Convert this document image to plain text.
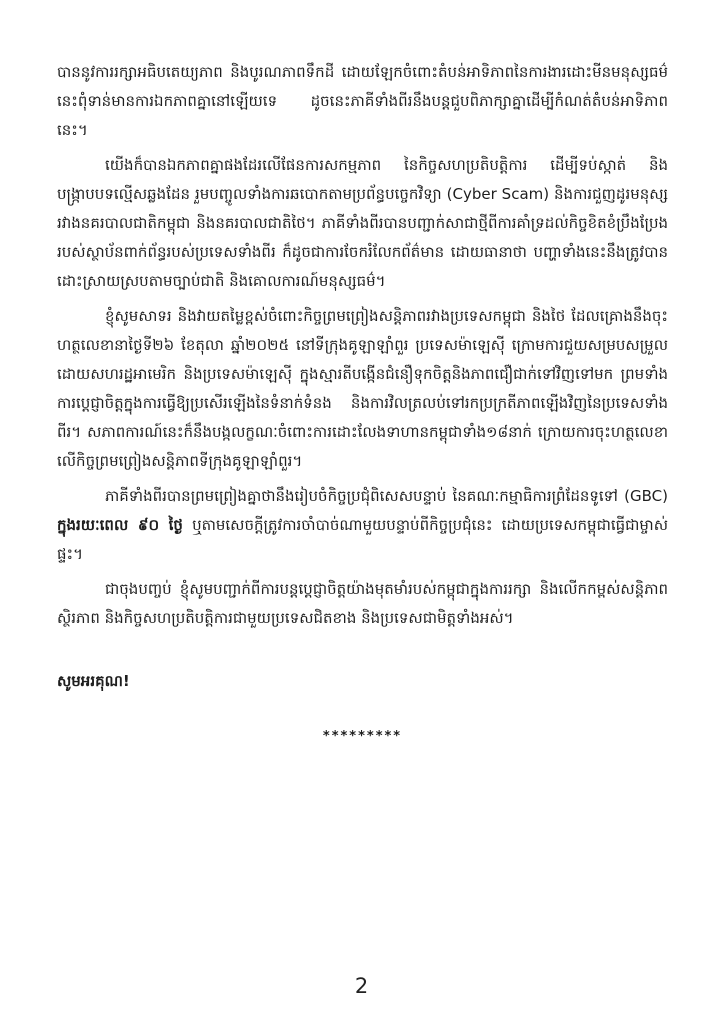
បាននូវការរក្សាអធិបតេយ្យភាព និងបូរណភាពទឹកដី ដោយឡែកចំពោះតំបន់អាទិភាពនៃការងារដោះមីនមនុស្សធម៌ នេះពុំទាន់មានការឯកភាពគ្នានៅឡើយទេ ដូចនេះភាគីទាំងពីរនឹងបន្តជួបពិភាក្សាគ្នាដើម្បីកំណត់តំបន់អាទិភាពនេះ។

យើងក៏បានឯកភាពគ្នាផងដែរលើផែនការសកម្មភាព នៃកិច្ចសហប្រតិបត្តិការ ដើម្បីទប់ស្កាត់ និងបង្ក្រាបបទល្មើសឆ្លងដែន រួមបញ្ចូលទាំងការឆបោកតាមប្រព័ន្ធបច្ចេកវិទ្យា (Cyber Scam) និងការជួញដូរមនុស្ស រវាងនគរបាលជាតិកម្ពុជា និងនគរបាលជាតិថៃ។ ភាគីទាំងពីរបានបញ្ជាក់សាជាថ្មីពីការគាំទ្រដល់កិច្ចខិតខំប្រឹងប្រែងរបស់ស្ថាប័នពាក់ព័ន្ធរបស់ប្រទេសទាំងពីរ ក៏ដូចជាការចែករំលែកព័ត៌មាន ដោយធានាថា បញ្ហាទាំងនេះនឹងត្រូវបានដោះស្រាយស្របតាមច្បាប់ជាតិ និងគោលការណ៍មនុស្សធម៌។

ខ្ញុំសូមសាទរ និងវាយតម្លៃខ្ពស់ចំពោះកិច្ចព្រមព្រៀងសន្តិភាពរវាងប្រទេសកម្ពុជា និងថៃ ដែលគ្រោងនឹងចុះហត្ថលេខានាថ្ងៃទី២៦ ខែតុលា ឆ្នាំ២០២៥ នៅទីក្រុងគូឡាឡាំពួរ ប្រទេសម៉ាឡេស៊ី ក្រោមការជួយសម្របសម្រួលដោយសហរដ្ឋអាមេរិក និងប្រទេសម៉ាឡេស៊ី ក្នុងស្មារតីបង្កើនជំនឿទុកចិត្តនិងភាពជឿជាក់ទៅវិញទៅមក ព្រមទាំងការប្តេជ្ញាចិត្តក្នុងការធ្វើឱ្យប្រសើរឡើងនៃទំនាក់ទំនង និងការវិលត្រលប់ទៅរកប្រក្រតីភាពឡើងវិញនៃប្រទេសទាំងពីរ។ សភាពការណ៍នេះក៏នឹងបង្កលក្ខណៈចំពោះការដោះលែងទាហានកម្ពុជាទាំង១៨នាក់ ក្រោយការចុះហត្ថលេខាលើកិច្ចព្រមព្រៀងសន្តិភាពទីក្រុងគូឡាឡាំពួរ។

ភាគីទាំងពីរបានព្រមព្រៀងគ្នាថានឹងរៀបចំកិច្ចប្រជុំពិសេសបន្ទាប់ នៃគណៈកម្មាធិការព្រំដែនទូទៅ (GBC) ក្នុងរយៈពេល ៩០ ថ្ងៃ ឬតាមសេចក្តីត្រូវការចាំបាច់ណាមួយបន្ទាប់ពីកិច្ចប្រជុំនេះ ដោយប្រទេសកម្ពុជាធ្វើជាម្ចាស់ផ្ទះ។

ជាចុងបញ្ចប់ ខ្ញុំសូមបញ្ជាក់ពីការបន្តប្តេជ្ញាចិត្តយ៉ាងមុតមាំរបស់កម្ពុជាក្នុងការរក្សា និងលើកកម្ពស់សន្តិភាព ស្ថិរភាព និងកិច្ចសហប្រតិបត្តិការជាមួយប្រទេសជិតខាង និងប្រទេសជាមិត្តទាំងអស់។

សូមអរគុណ!

*********

2
